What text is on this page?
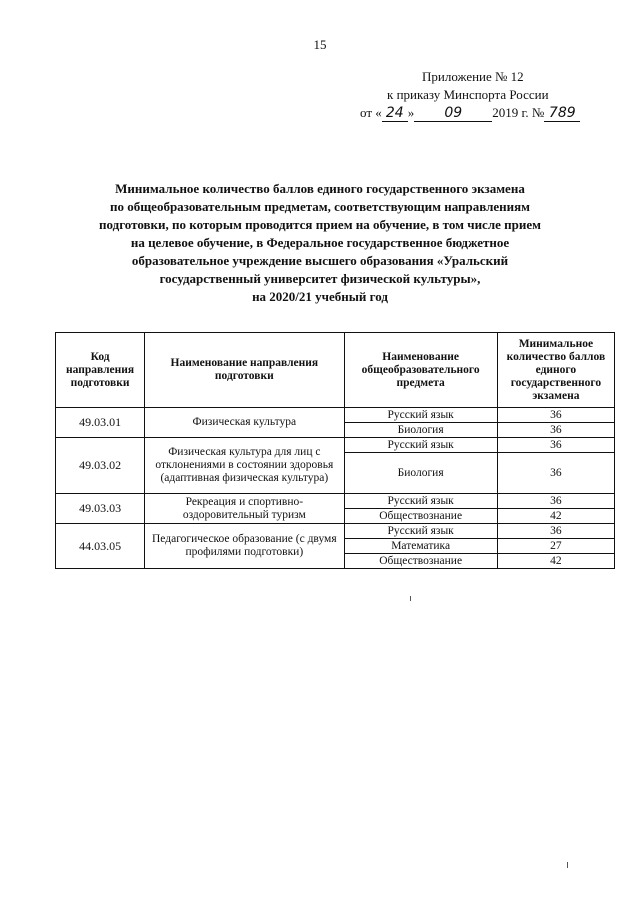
15
Приложение № 12
к приказу Минспорта России
от « 24 » 09 2019 г. № 789
Минимальное количество баллов единого государственного экзамена
по общеобразовательным предметам, соответствующим направлениям
подготовки, по которым проводится прием на обучение, в том числе прием
на целевое обучение, в Федеральное государственное бюджетное
образовательное учреждение высшего образования «Уральский
государственный университет физической культуры»,
на 2020/21 учебный год
Код направления подготовки	Наименование направления подготовки	Наименование общеобразовательного предмета	Минимальное количество баллов единого государственного экзамена
49.03.01	Физическая культура	Русский язык	36
		Биология	36
49.03.02	Физическая культура для лиц с отклонениями в состоянии здоровья (адаптивная физическая культура)	Русский язык	36
		Биология	36
49.03.03	Рекреация и спортивно-оздоровительный туризм	Русский язык	36
		Обществознание	42
44.03.05	Педагогическое образование (с двумя профилями подготовки)	Русский язык	36
		Математика	27
		Обществознание	42
